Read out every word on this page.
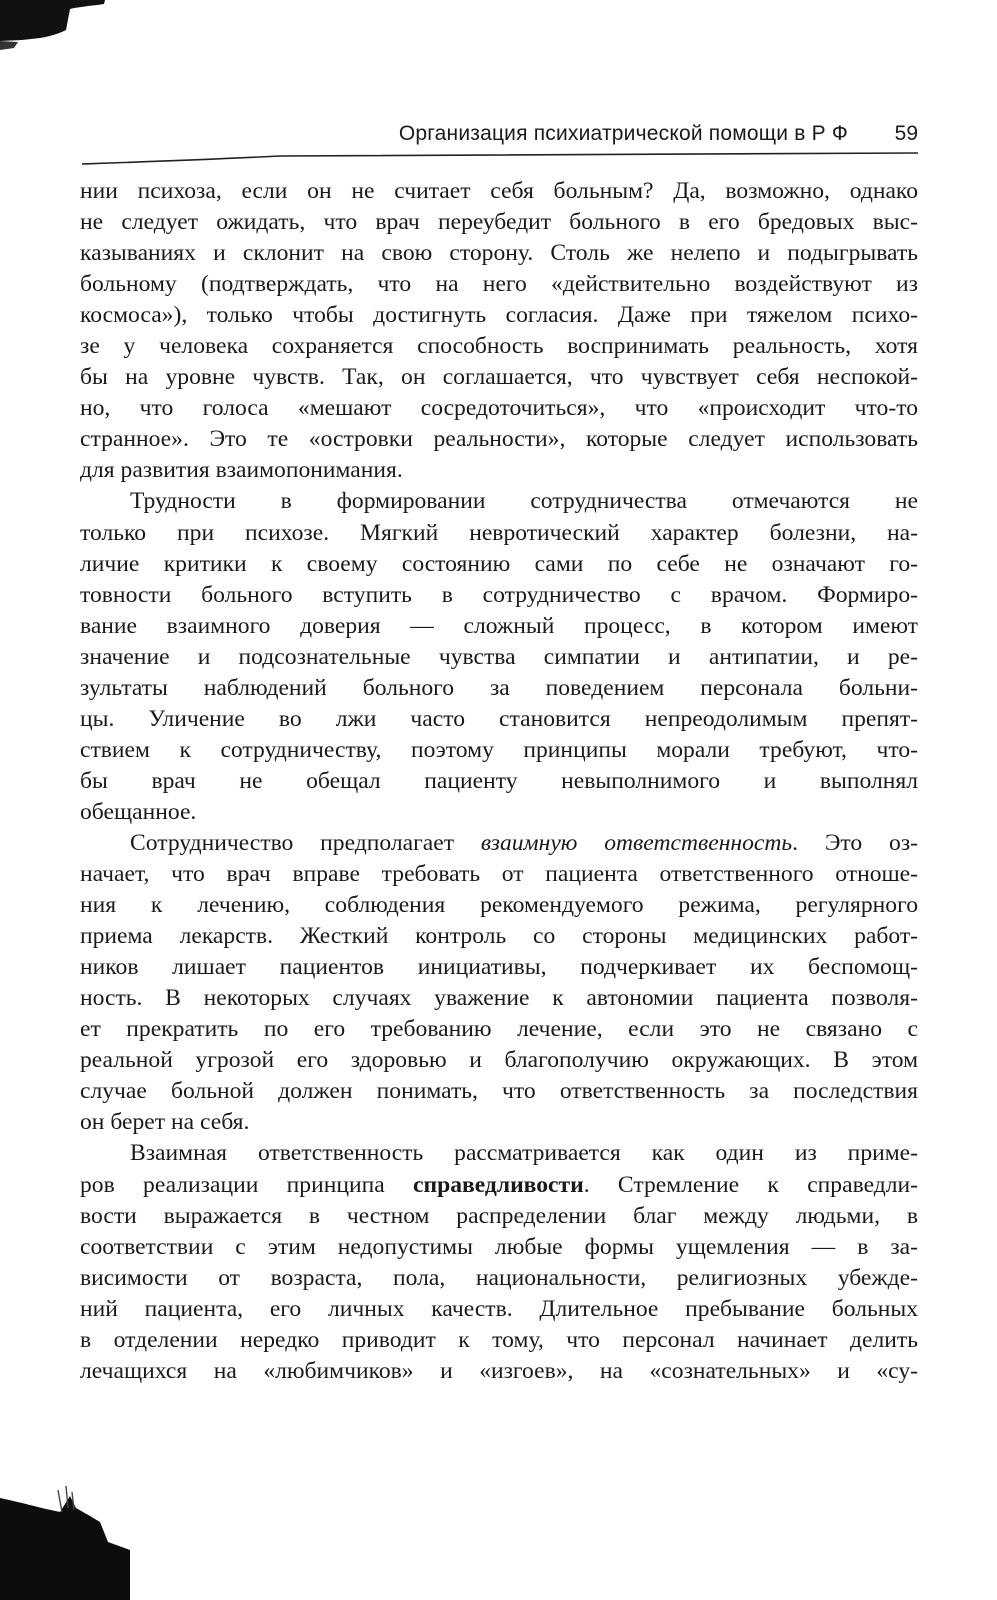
Организация психиатрической помощи в Р Ф 59
нии психоза, если он не считает себя больным? Да, возможно, однако
не следует ожидать, что врач переубедит больного в его бредовых выс-
казываниях и склонит на свою сторону. Столь же нелепо и подыгрывать
больному (подтверждать, что на него «действительно воздействуют из
космоса»), только чтобы достигнуть согласия. Даже при тяжелом психо-
зе у человека сохраняется способность воспринимать реальность, хотя
бы на уровне чувств. Так, он соглашается, что чувствует себя неспокой-
но, что голоса «мешают сосредоточиться», что «происходит что-то
странное». Это те «островки реальности», которые следует использовать
для развития взаимопонимания.
Трудности в формировании сотрудничества отмечаются не
только при психозе. Мягкий невротический характер болезни, на-
личие критики к своему состоянию сами по себе не означают го-
товности больного вступить в сотрудничество с врачом. Формиро-
вание взаимного доверия — сложный процесс, в котором имеют
значение и подсознательные чувства симпатии и антипатии, и ре-
зультаты наблюдений больного за поведением персонала больни-
цы. Уличение во лжи часто становится непреодолимым препят-
ствием к сотрудничеству, поэтому принципы морали требуют, что-
бы врач не обещал пациенту невыполнимого и выполнял
обещанное.
Сотрудничество предполагает взаимную ответственность. Это оз-
начает, что врач вправе требовать от пациента ответственного отноше-
ния к лечению, соблюдения рекомендуемого режима, регулярного
приема лекарств. Жесткий контроль со стороны медицинских работ-
ников лишает пациентов инициативы, подчеркивает их беспомощ-
ность. В некоторых случаях уважение к автономии пациента позволя-
ет прекратить по его требованию лечение, если это не связано с
реальной угрозой его здоровью и благополучию окружающих. В этом
случае больной должен понимать, что ответственность за последствия
он берет на себя.
Взаимная ответственность рассматривается как один из приме-
ров реализации принципа справедливости. Стремление к справедли-
вости выражается в честном распределении благ между людьми, в
соответствии с этим недопустимы любые формы ущемления — в за-
висимости от возраста, пола, национальности, религиозных убежде-
ний пациента, его личных качеств. Длительное пребывание больных
в отделении нередко приводит к тому, что персонал начинает делить
лечащихся на «любимчиков» и «изгоев», на «сознательных» и «су-
